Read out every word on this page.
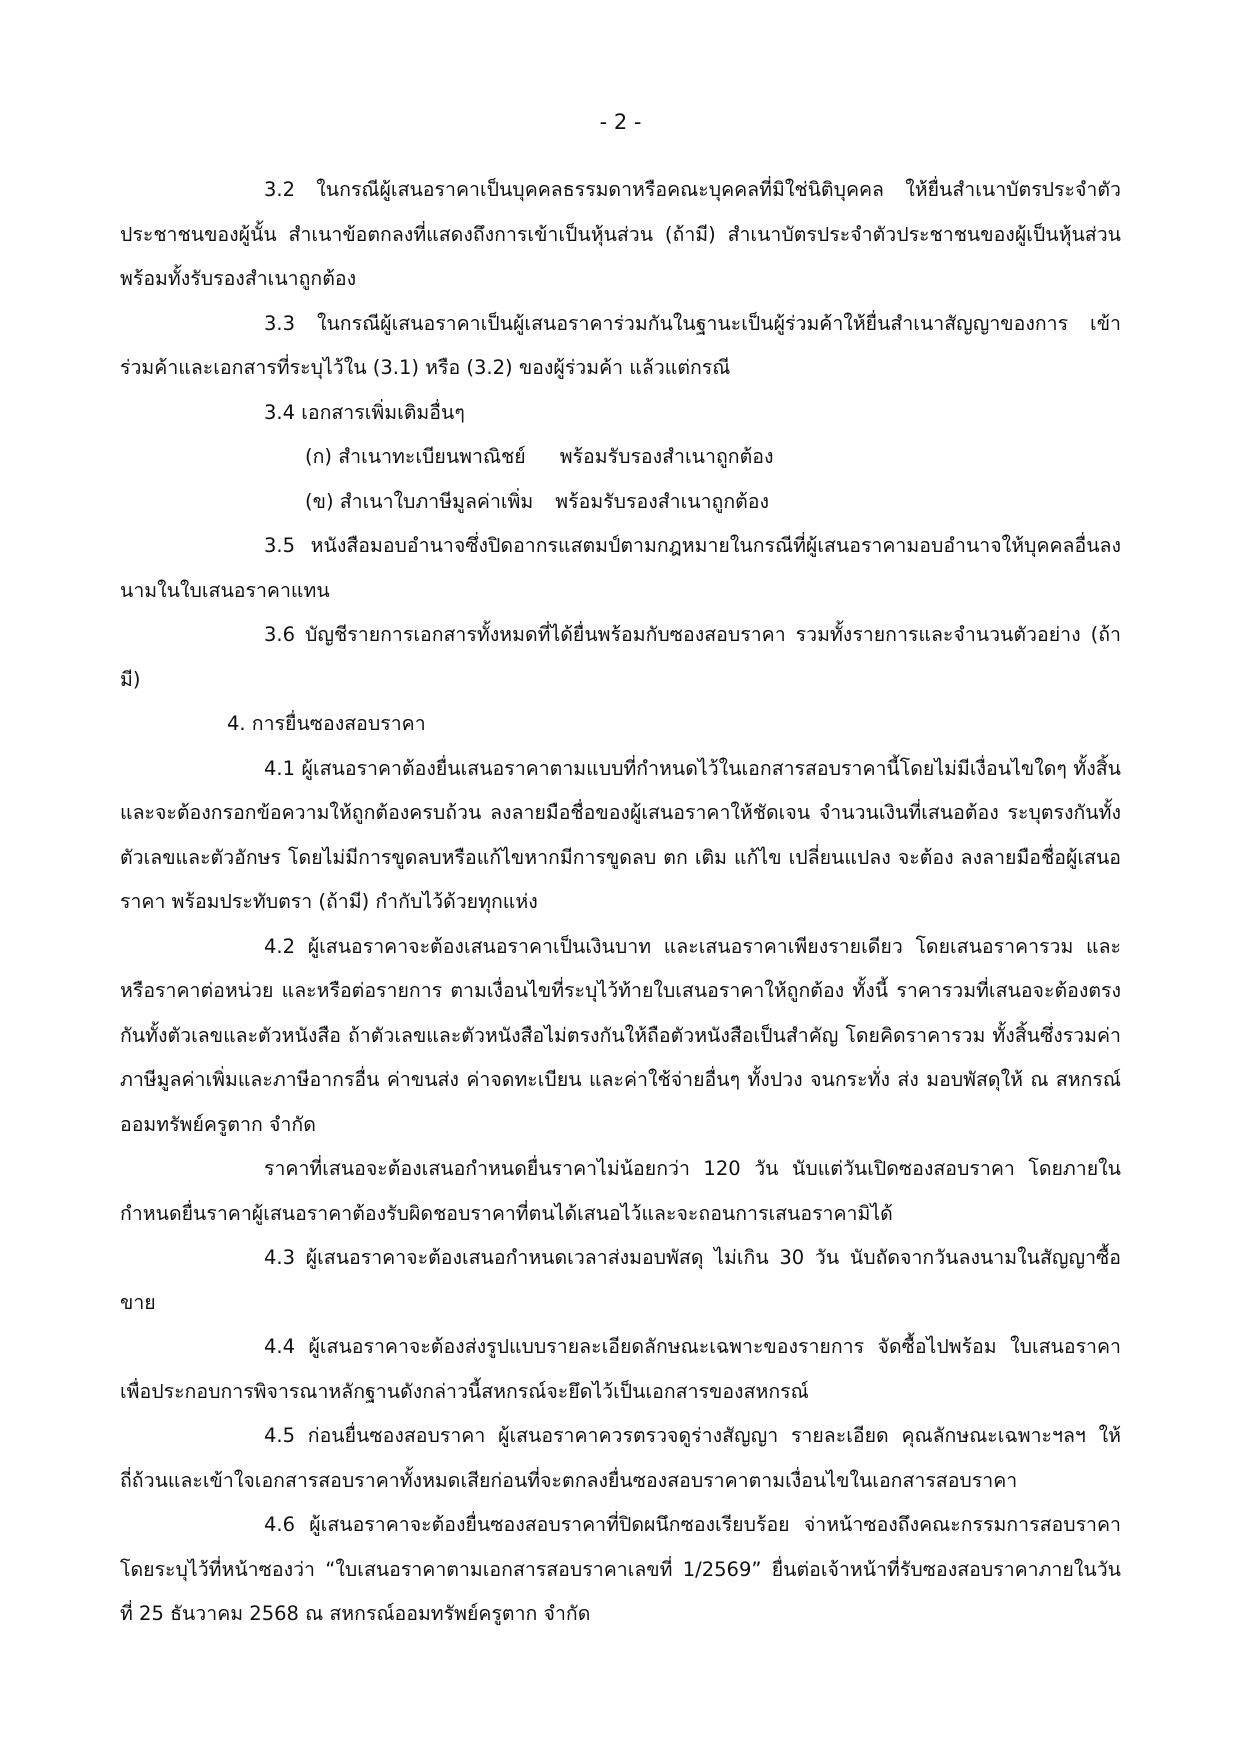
- 2 -

3.2 ในกรณีผู้เสนอราคาเป็นบุคคลธรรมดาหรือคณะบุคคลที่มิใช่นิติบุคคล ให้ยื่นสำเนาบัตรประจำตัวประชาชนของผู้นั้น สำเนาข้อตกลงที่แสดงถึงการเข้าเป็นหุ้นส่วน (ถ้ามี) สำเนาบัตรประจำตัวประชาชนของผู้เป็นหุ้นส่วน พร้อมทั้งรับรองสำเนาถูกต้อง

3.3 ในกรณีผู้เสนอราคาเป็นผู้เสนอราคาร่วมกันในฐานะเป็นผู้ร่วมค้าให้ยื่นสำเนาสัญญาของการ เข้าร่วมค้าและเอกสารที่ระบุไว้ใน (3.1) หรือ (3.2) ของผู้ร่วมค้า แล้วแต่กรณี

3.4 เอกสารเพิ่มเติมอื่นๆ

(ก) สำเนาทะเบียนพาณิชย์ พร้อมรับรองสำเนาถูกต้อง

(ข) สำเนาใบภาษีมูลค่าเพิ่ม พร้อมรับรองสำเนาถูกต้อง

3.5 หนังสือมอบอำนาจซึ่งปิดอากรแสตมป์ตามกฎหมายในกรณีที่ผู้เสนอราคามอบอำนาจให้บุคคลอื่นลงนามในใบเสนอราคาแทน

3.6 บัญชีรายการเอกสารทั้งหมดที่ได้ยื่นพร้อมกับซองสอบราคา รวมทั้งรายการและจำนวนตัวอย่าง (ถ้ามี)

4. การยื่นซองสอบราคา

4.1 ผู้เสนอราคาต้องยื่นเสนอราคาตามแบบที่กำหนดไว้ในเอกสารสอบราคานี้โดยไม่มีเงื่อนไขใดๆ ทั้งสิ้นและจะต้องกรอกข้อความให้ถูกต้องครบถ้วน ลงลายมือชื่อของผู้เสนอราคาให้ชัดเจน จำนวนเงินที่เสนอต้อง ระบุตรงกันทั้งตัวเลขและตัวอักษร โดยไม่มีการขูดลบหรือแก้ไขหากมีการขูดลบ ตก เติม แก้ไข เปลี่ยนแปลง จะต้อง ลงลายมือชื่อผู้เสนอราคา พร้อมประทับตรา (ถ้ามี) กำกับไว้ด้วยทุกแห่ง

4.2 ผู้เสนอราคาจะต้องเสนอราคาเป็นเงินบาท และเสนอราคาเพียงรายเดียว โดยเสนอราคารวม และหรือราคาต่อหน่วย และหรือต่อรายการ ตามเงื่อนไขที่ระบุไว้ท้ายใบเสนอราคาให้ถูกต้อง ทั้งนี้ ราคารวมที่เสนอจะต้องตรงกันทั้งตัวเลขและตัวหนังสือ ถ้าตัวเลขและตัวหนังสือไม่ตรงกันให้ถือตัวหนังสือเป็นสำคัญ โดยคิดราคารวม ทั้งสิ้นซึ่งรวมค่าภาษีมูลค่าเพิ่มและภาษีอากรอื่น ค่าขนส่ง ค่าจดทะเบียน และค่าใช้จ่ายอื่นๆ ทั้งปวง จนกระทั่ง ส่ง มอบพัสดุให้ ณ สหกรณ์ออมทรัพย์ครูตาก จำกัด

ราคาที่เสนอจะต้องเสนอกำหนดยื่นราคาไม่น้อยกว่า 120 วัน นับแต่วันเปิดซองสอบราคา โดยภายในกำหนดยื่นราคาผู้เสนอราคาต้องรับผิดชอบราคาที่ตนได้เสนอไว้และจะถอนการเสนอราคามิได้

4.3 ผู้เสนอราคาจะต้องเสนอกำหนดเวลาส่งมอบพัสดุ ไม่เกิน 30 วัน นับถัดจากวันลงนามในสัญญาซื้อขาย

4.4 ผู้เสนอราคาจะต้องส่งรูปแบบรายละเอียดลักษณะเฉพาะของรายการ จัดซื้อไปพร้อม ใบเสนอราคาเพื่อประกอบการพิจารณาหลักฐานดังกล่าวนี้สหกรณ์จะยึดไว้เป็นเอกสารของสหกรณ์

4.5 ก่อนยื่นซองสอบราคา ผู้เสนอราคาควรตรวจดูร่างสัญญา รายละเอียด คุณลักษณะเฉพาะฯลฯ ให้ถี่ถ้วนและเข้าใจเอกสารสอบราคาทั้งหมดเสียก่อนที่จะตกลงยื่นซองสอบราคาตามเงื่อนไขในเอกสารสอบราคา

4.6 ผู้เสนอราคาจะต้องยื่นซองสอบราคาที่ปิดผนึกซองเรียบร้อย จ่าหน้าซองถึงคณะกรรมการสอบราคา โดยระบุไว้ที่หน้าซองว่า “ใบเสนอราคาตามเอกสารสอบราคาเลขที่ 1/2569” ยื่นต่อเจ้าหน้าที่รับซองสอบราคาภายในวันที่ 25 ธันวาคม 2568 ณ สหกรณ์ออมทรัพย์ครูตาก จำกัด
